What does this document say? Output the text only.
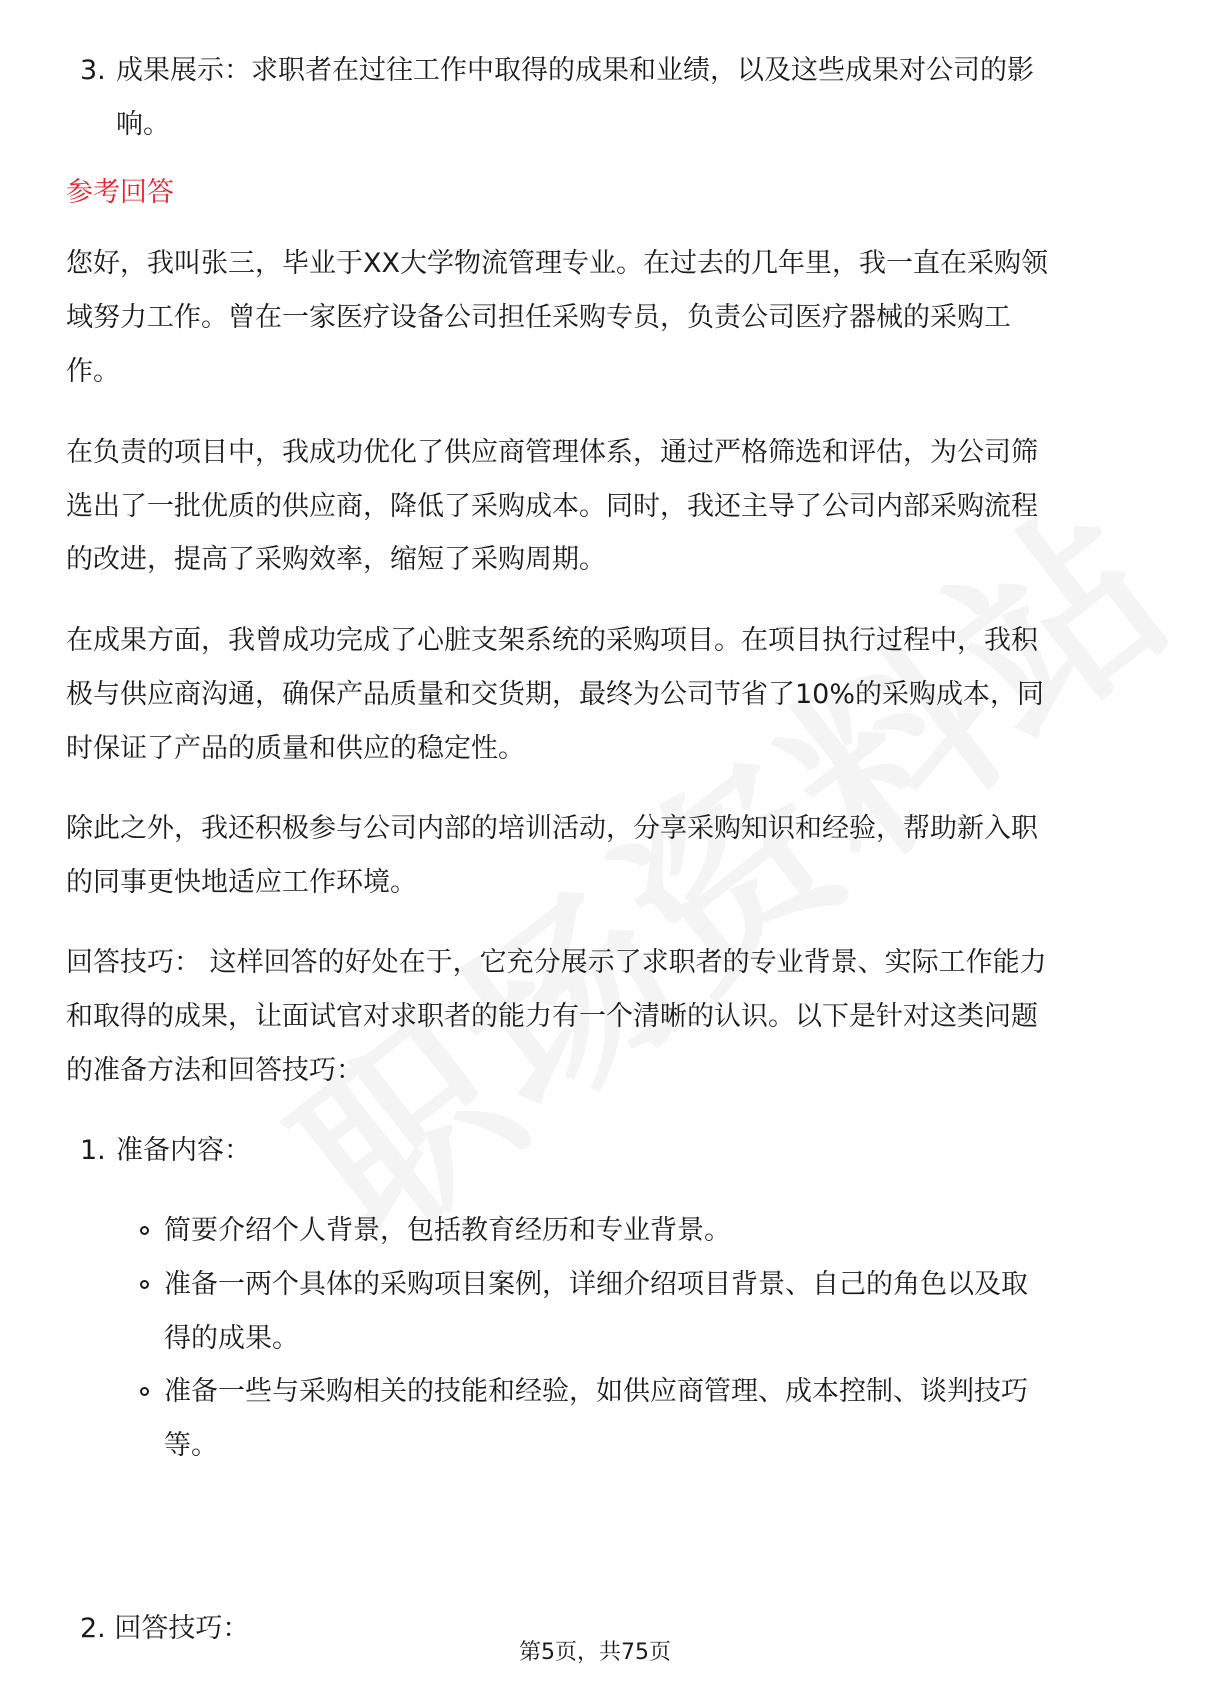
3. 成果展示：求职者在过往工作中取得的成果和业绩，以及这些成果对公司的影
响。
参考回答
您好，我叫张三，毕业于XX大学物流管理专业。在过去的几年里，我一直在采购领
域努力工作。曾在一家医疗设备公司担任采购专员，负责公司医疗器械的采购工
作。
在负责的项目中，我成功优化了供应商管理体系，通过严格筛选和评估，为公司筛
选出了一批优质的供应商，降低了采购成本。同时，我还主导了公司内部采购流程
的改进，提高了采购效率，缩短了采购周期。
在成果方面，我曾成功完成了心脏支架系统的采购项目。在项目执行过程中，我积
极与供应商沟通，确保产品质量和交货期，最终为公司节省了10%的采购成本，同
时保证了产品的质量和供应的稳定性。
除此之外，我还积极参与公司内部的培训活动，分享采购知识和经验，帮助新入职
的同事更快地适应工作环境。
回答技巧： 这样回答的好处在于，它充分展示了求职者的专业背景、实际工作能力
和取得的成果，让面试官对求职者的能力有一个清晰的认识。以下是针对这类问题
的准备方法和回答技巧：
1. 准备内容：
简要介绍个人背景，包括教育经历和专业背景。
准备一两个具体的采购项目案例，详细介绍项目背景、自己的角色以及取
得的成果。
准备一些与采购相关的技能和经验，如供应商管理、成本控制、谈判技巧
等。
2. 回答技巧：
第5页，共75页
